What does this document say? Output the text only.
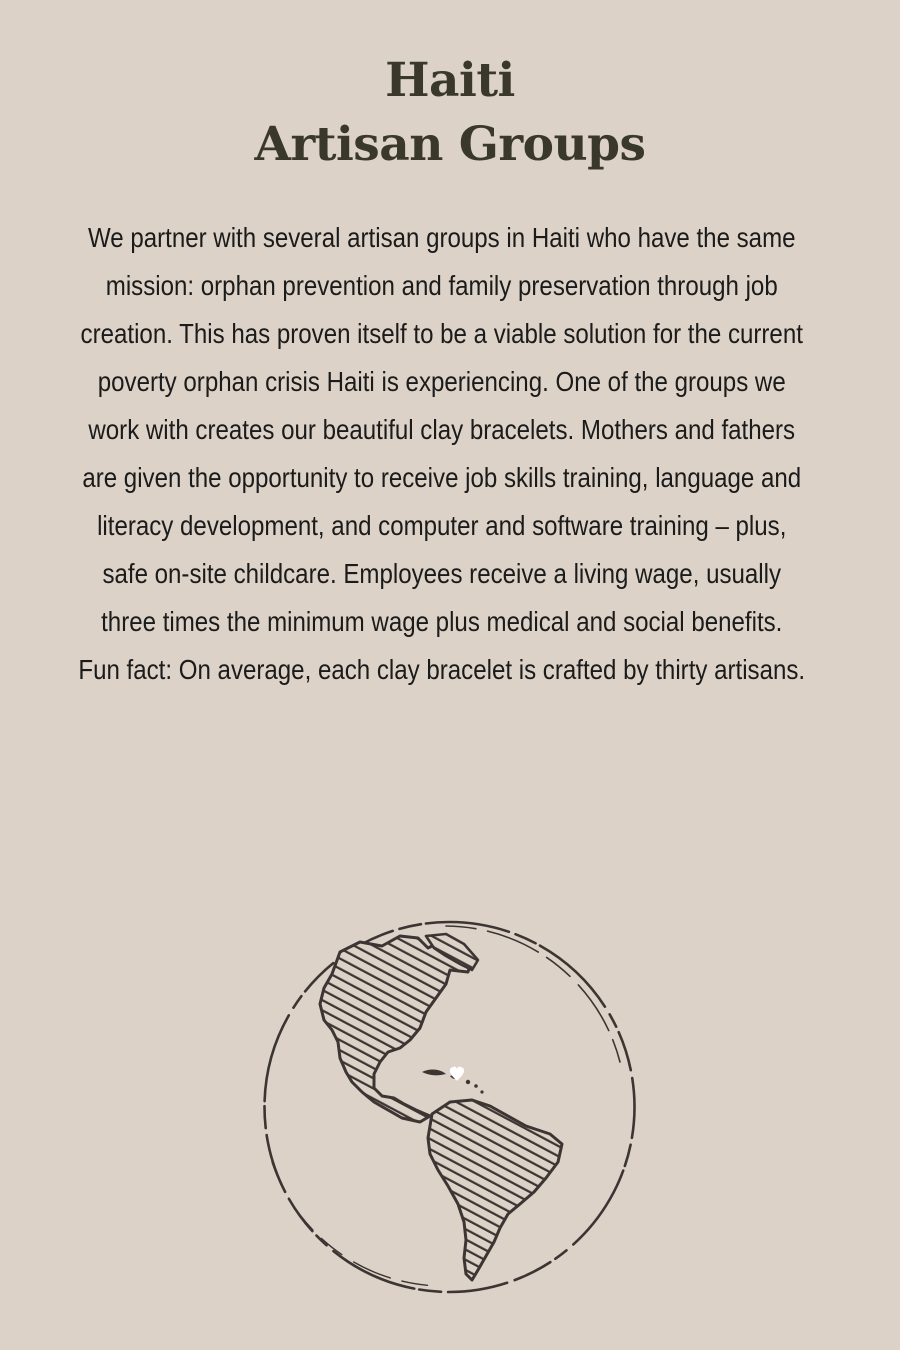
Haiti
Artisan Groups

We partner with several artisan groups in Haiti who have the same mission: orphan prevention and family preservation through job creation. This has proven itself to be a viable solution for the current poverty orphan crisis Haiti is experiencing. One of the groups we work with creates our beautiful clay bracelets. Mothers and fathers are given the opportunity to receive job skills training, language and literacy development, and computer and software training – plus, safe on-site childcare. Employees receive a living wage, usually three times the minimum wage plus medical and social benefits. Fun fact: On average, each clay bracelet is crafted by thirty artisans.
